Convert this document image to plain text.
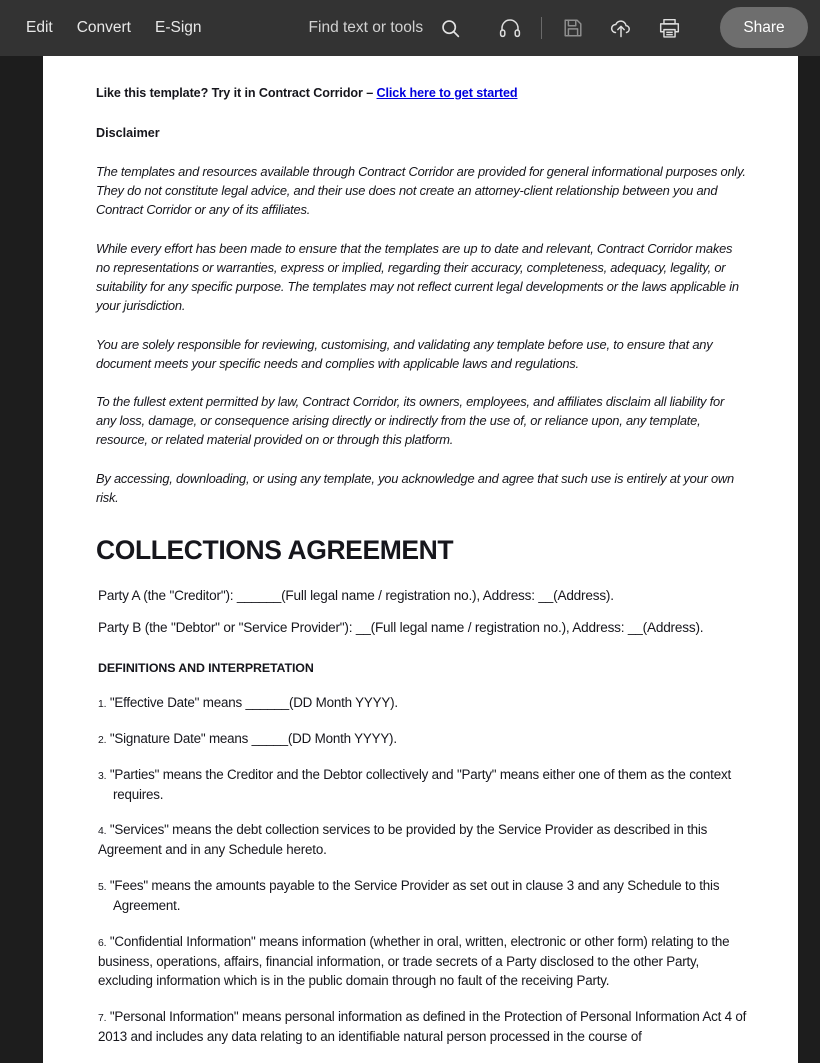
Edit	Convert	E-Sign	Find text or tools	Share

Like this template? Try it in Contract Corridor – Click here to get started

Disclaimer

The templates and resources available through Contract Corridor are provided for general informational purposes only. They do not constitute legal advice, and their use does not create an attorney-client relationship between you and Contract Corridor or any of its affiliates.

While every effort has been made to ensure that the templates are up to date and relevant, Contract Corridor makes no representations or warranties, express or implied, regarding their accuracy, completeness, adequacy, legality, or suitability for any specific purpose. The templates may not reflect current legal developments or the laws applicable in your jurisdiction.

You are solely responsible for reviewing, customising, and validating any template before use, to ensure that any document meets your specific needs and complies with applicable laws and regulations.

To the fullest extent permitted by law, Contract Corridor, its owners, employees, and affiliates disclaim all liability for any loss, damage, or consequence arising directly or indirectly from the use of, or reliance upon, any template, resource, or related material provided on or through this platform.

By accessing, downloading, or using any template, you acknowledge and agree that such use is entirely at your own risk.

COLLECTIONS AGREEMENT

Party A (the "Creditor"): ______(Full legal name / registration no.), Address: __(Address).

Party B (the "Debtor" or "Service Provider"): __(Full legal name / registration no.), Address: __(Address).

DEFINITIONS AND INTERPRETATION

1. "Effective Date" means ______(DD Month YYYY).

2. "Signature Date" means _____(DD Month YYYY).

3. "Parties" means the Creditor and the Debtor collectively and "Party" means either one of them as the context requires.

4. "Services" means the debt collection services to be provided by the Service Provider as described in this Agreement and in any Schedule hereto.

5. "Fees" means the amounts payable to the Service Provider as set out in clause 3 and any Schedule to this Agreement.

6. "Confidential Information" means information (whether in oral, written, electronic or other form) relating to the business, operations, affairs, financial information, or trade secrets of a Party disclosed to the other Party, excluding information which is in the public domain through no fault of the receiving Party.

7. "Personal Information" means personal information as defined in the Protection of Personal Information Act 4 of 2013 and includes any data relating to an identifiable natural person processed in the course of
